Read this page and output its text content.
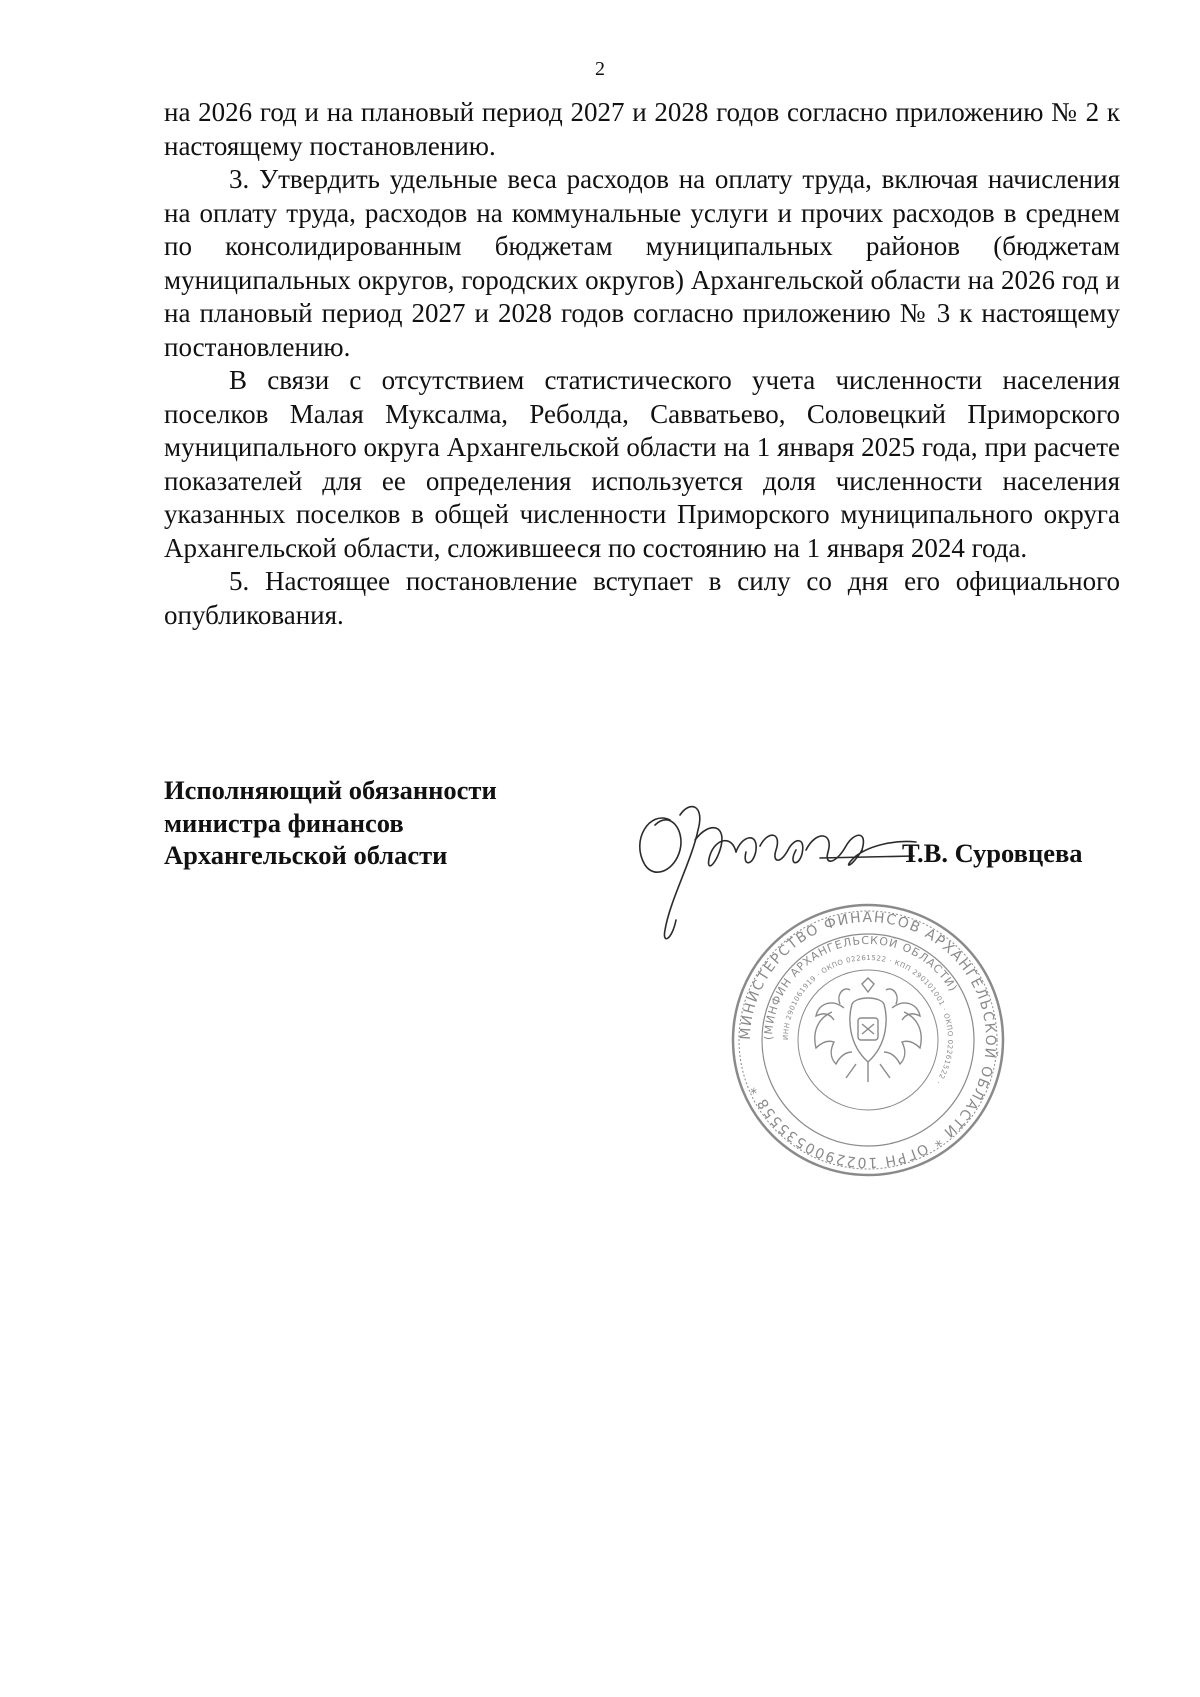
2

на 2026 год и на плановый период 2027 и 2028 годов согласно приложению № 2 к настоящему постановлению.

3. Утвердить удельные веса расходов на оплату труда, включая начисления на оплату труда, расходов на коммунальные услуги и прочих расходов в среднем по консолидированным бюджетам муниципальных районов (бюджетам муниципальных округов, городских округов) Архангельской области на 2026 год и на плановый период 2027 и 2028 годов согласно приложению № 3 к настоящему постановлению.

В связи с отсутствием статистического учета численности населения поселков Малая Муксалма, Реболда, Савватьево, Соловецкий Приморского муниципального округа Архангельской области на 1 января 2025 года, при расчете показателей для ее определения используется доля численности населения указанных поселков в общей численности Приморского муниципального округа Архангельской области, сложившееся по состоянию на 1 января 2024 года.

5. Настоящее постановление вступает в силу со дня его официального опубликования.

Исполняющий обязанности
министра финансов
Архангельской области	Т.В. Суровцева
МИНИСТЕРСТВО ФИНАНСОВ АРХАНГЕЛЬСКОЙ ОБЛАСТИ * ОГРН 1022900535558 *
(МИНФИН АРХАНГЕЛЬСКОЙ ОБЛАСТИ)
ИНН 2901061919 · ОКПО 02261522 · КПП 290101001 · ОКПО 02261522 ·
